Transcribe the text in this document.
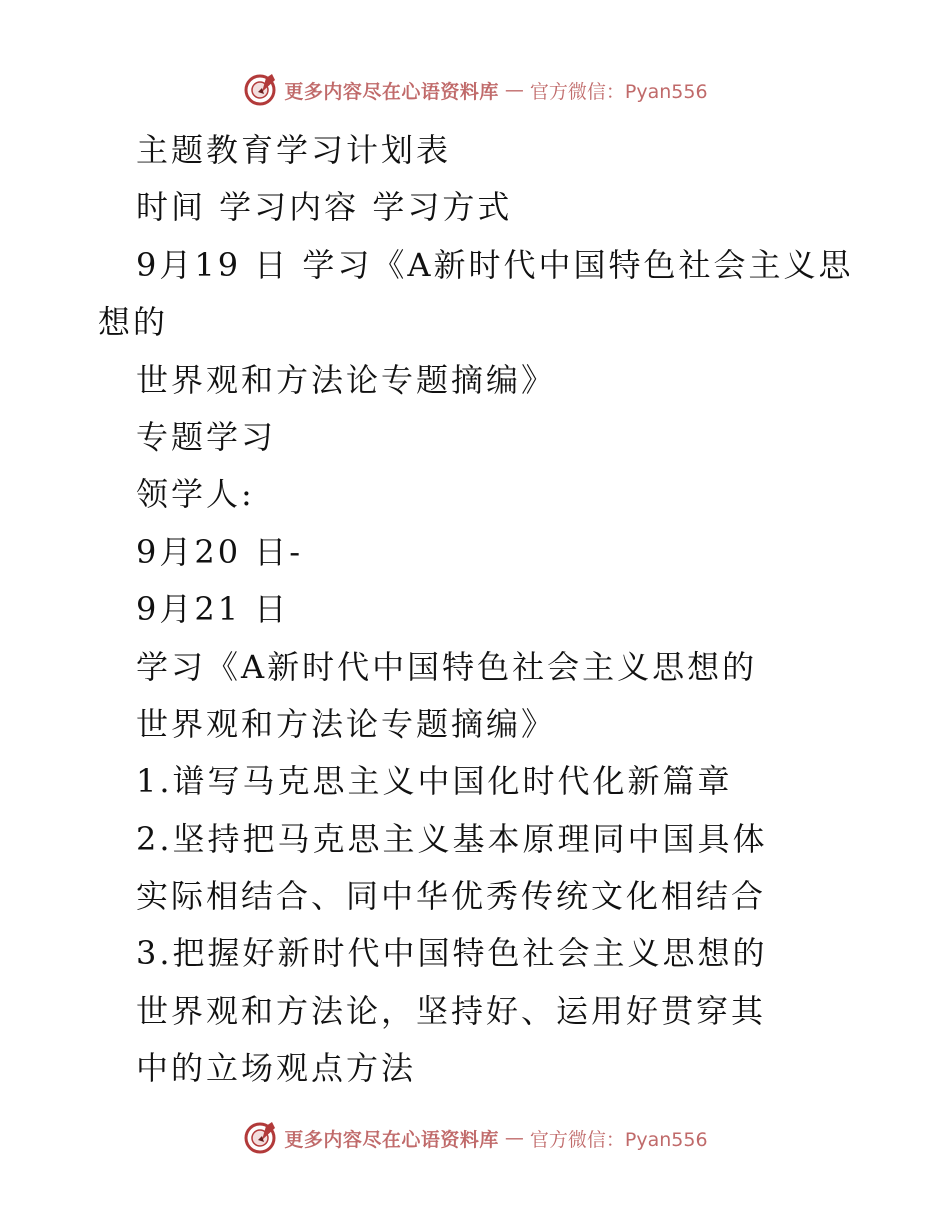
更多内容尽在心语资料库 — 官方微信：Pyan556
主题教育学习计划表
时间 学习内容 学习方式
9月19 日 学习《A新时代中国特色社会主义思
想的
世界观和方法论专题摘编》
专题学习
领学人:
9月20 日-
9月21 日
学习《A新时代中国特色社会主义思想的
世界观和方法论专题摘编》
1.谱写马克思主义中国化时代化新篇章
2.坚持把马克思主义基本原理同中国具体
实际相结合、同中华优秀传统文化相结合
3.把握好新时代中国特色社会主义思想的
世界观和方法论，坚持好、运用好贯穿其
中的立场观点方法
更多内容尽在心语资料库 — 官方微信：Pyan556
